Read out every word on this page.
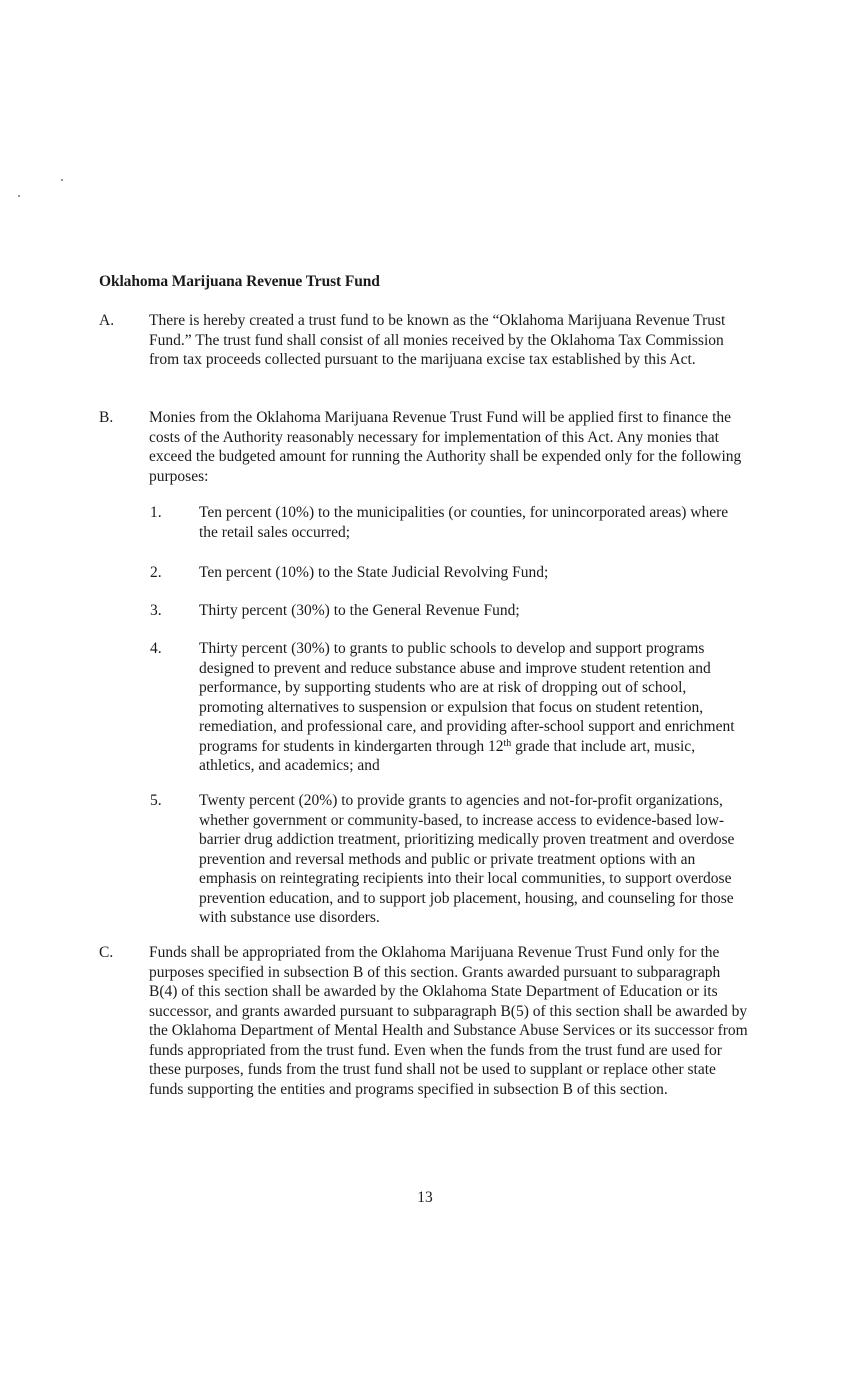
Oklahoma Marijuana Revenue Trust Fund
A. There is hereby created a trust fund to be known as the “Oklahoma Marijuana Revenue Trust Fund.” The trust fund shall consist of all monies received by the Oklahoma Tax Commission from tax proceeds collected pursuant to the marijuana excise tax established by this Act.
B. Monies from the Oklahoma Marijuana Revenue Trust Fund will be applied first to finance the costs of the Authority reasonably necessary for implementation of this Act. Any monies that exceed the budgeted amount for running the Authority shall be expended only for the following purposes:
1. Ten percent (10%) to the municipalities (or counties, for unincorporated areas) where the retail sales occurred;
2. Ten percent (10%) to the State Judicial Revolving Fund;
3. Thirty percent (30%) to the General Revenue Fund;
4. Thirty percent (30%) to grants to public schools to develop and support programs designed to prevent and reduce substance abuse and improve student retention and performance, by supporting students who are at risk of dropping out of school, promoting alternatives to suspension or expulsion that focus on student retention, remediation, and professional care, and providing after-school support and enrichment programs for students in kindergarten through 12th grade that include art, music, athletics, and academics; and
5. Twenty percent (20%) to provide grants to agencies and not-for-profit organizations, whether government or community-based, to increase access to evidence-based low-barrier drug addiction treatment, prioritizing medically proven treatment and overdose prevention and reversal methods and public or private treatment options with an emphasis on reintegrating recipients into their local communities, to support overdose prevention education, and to support job placement, housing, and counseling for those with substance use disorders.
C. Funds shall be appropriated from the Oklahoma Marijuana Revenue Trust Fund only for the purposes specified in subsection B of this section. Grants awarded pursuant to subparagraph B(4) of this section shall be awarded by the Oklahoma State Department of Education or its successor, and grants awarded pursuant to subparagraph B(5) of this section shall be awarded by the Oklahoma Department of Mental Health and Substance Abuse Services or its successor from funds appropriated from the trust fund. Even when the funds from the trust fund are used for these purposes, funds from the trust fund shall not be used to supplant or replace other state funds supporting the entities and programs specified in subsection B of this section.
13
